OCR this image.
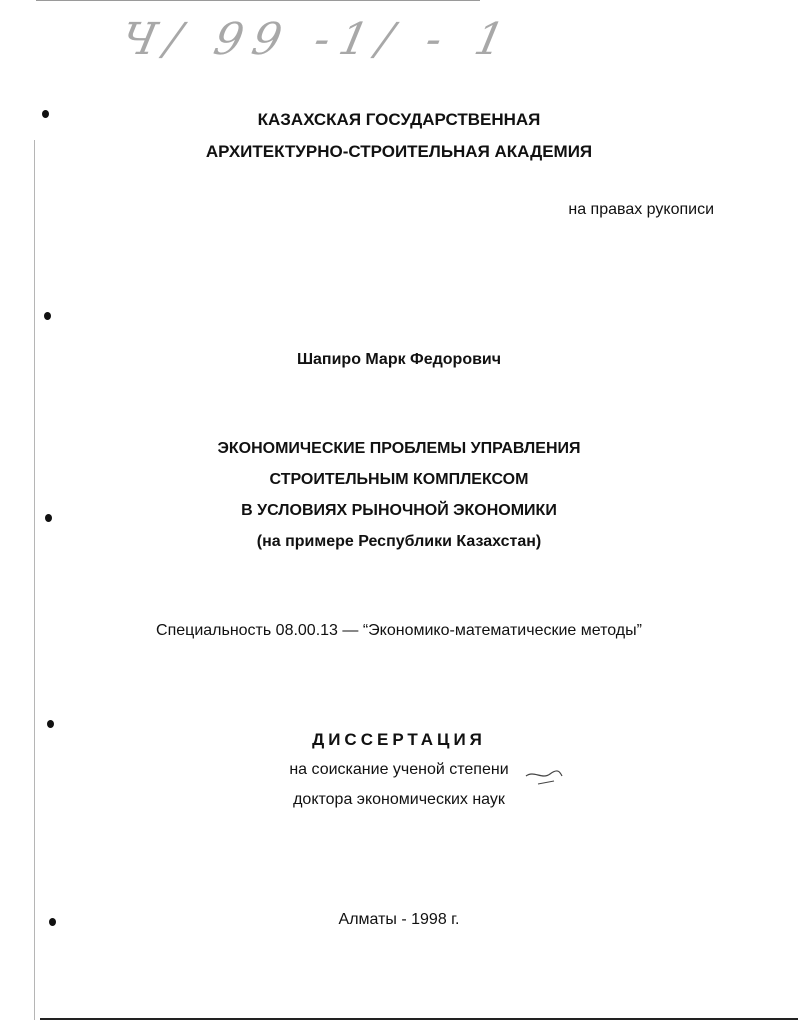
Ч/ 99 -1/ - 1
КАЗАХСКАЯ ГОСУДАРСТВЕННАЯ
АРХИТЕКТУРНО-СТРОИТЕЛЬНАЯ АКАДЕМИЯ
на правах рукописи
Шапиро Марк Федорович
ЭКОНОМИЧЕСКИЕ ПРОБЛЕМЫ УПРАВЛЕНИЯ
СТРОИТЕЛЬНЫМ КОМПЛЕКСОМ
В УСЛОВИЯХ РЫНОЧНОЙ ЭКОНОМИКИ
(на примере Республики Казахстан)
Специальность 08.00.13 — “Экономико-математические методы”
ДИССЕРТАЦИЯ
на соискание ученой степени
доктора экономических наук
Алматы - 1998 г.
